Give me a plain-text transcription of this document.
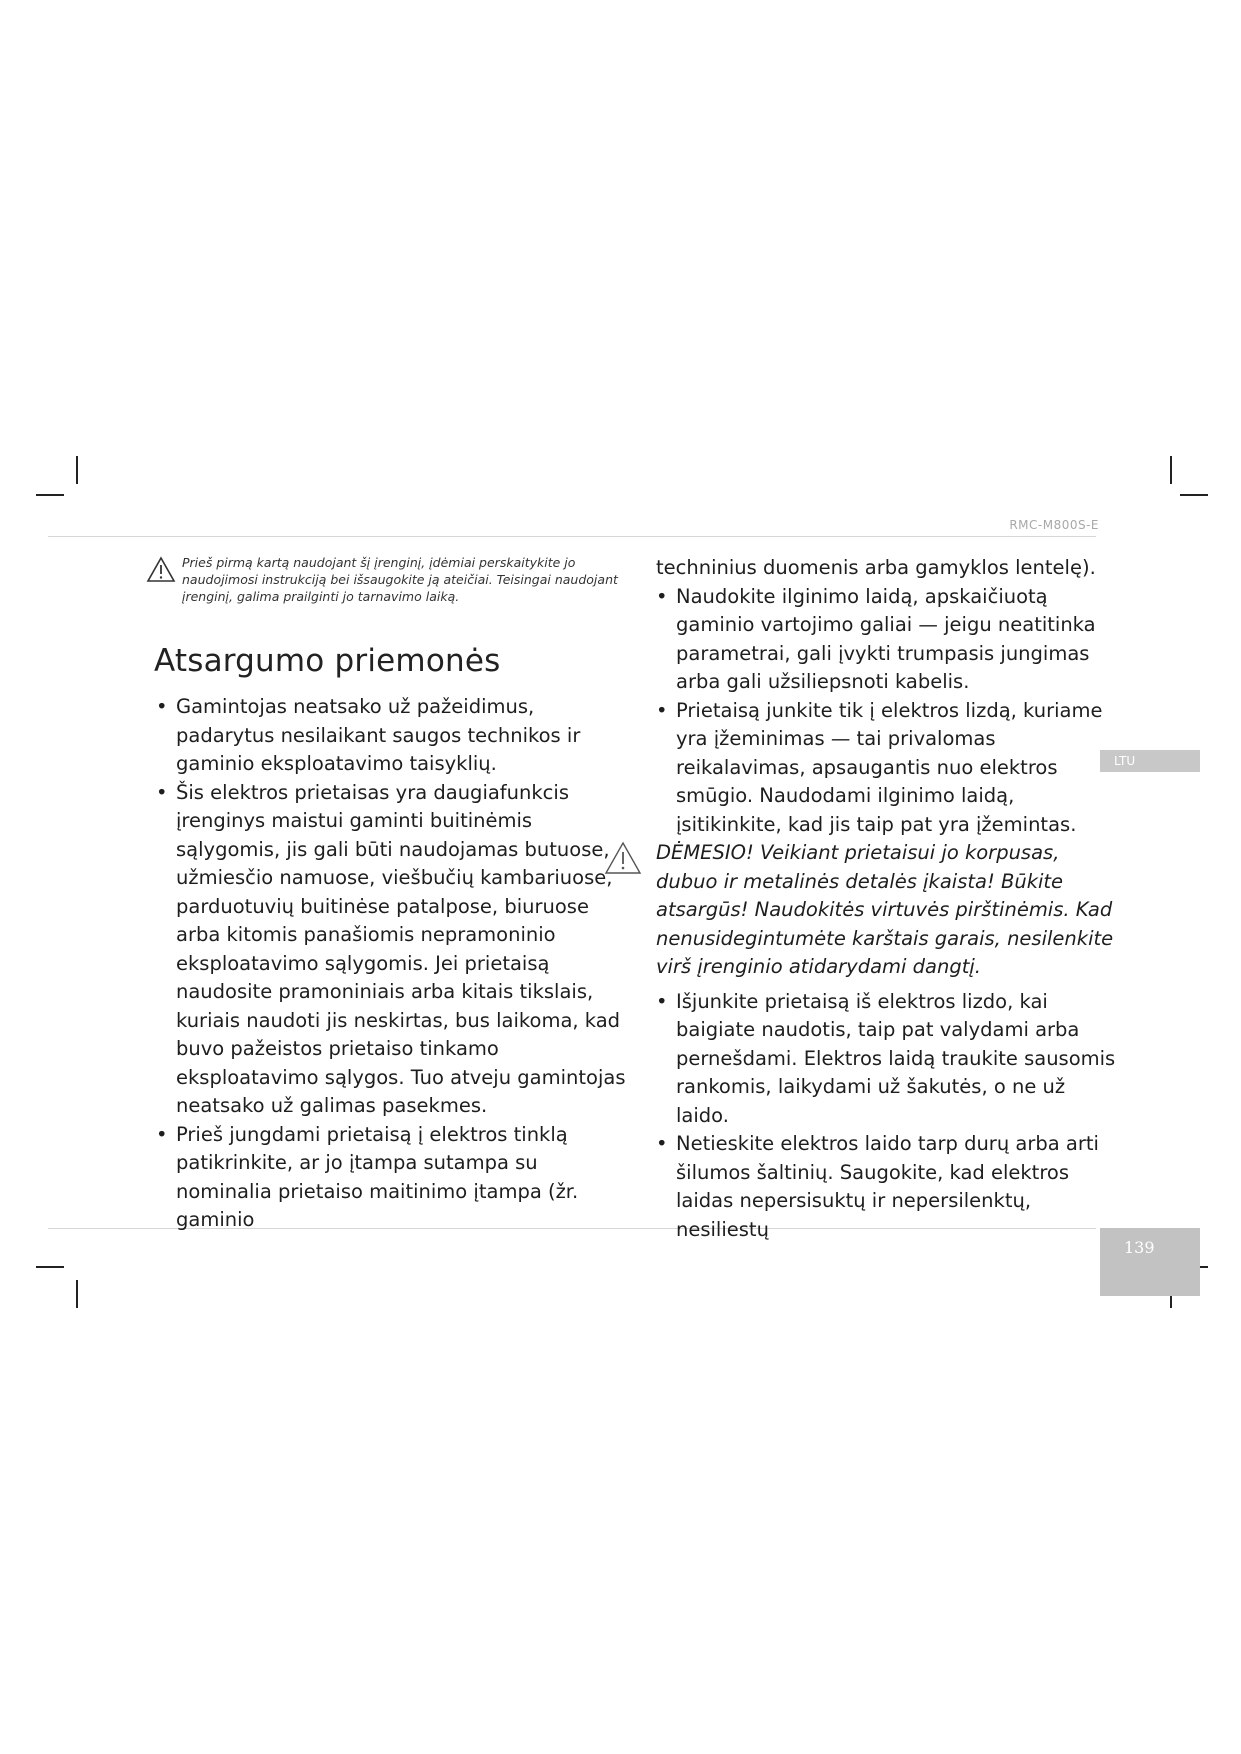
RMC-M800S-E
LTU
139
Prieš pirmą kartą naudojant šį įrenginį, įdėmiai perskaitykite jo naudojimosi instrukciją bei išsaugokite ją ateičiai. Teisingai naudojant įrenginį, galima prailginti jo tarnavimo laiką.
Atsargumo priemonės
• Gamintojas neatsako už pažeidimus, padarytus nesilaikant saugos technikos ir gaminio eksploatavimo taisyklių.
• Šis elektros prietaisas yra daugiafunkcis įrenginys maistui gaminti buitinėmis sąlygomis, jis gali būti naudojamas butuose, užmiesčio namuose, viešbučių kambariuose, parduotuvių buitinėse patalpose, biuruose arba kitomis panašiomis nepramoninio eksploatavimo sąlygomis. Jei prietaisą naudosite pramoniniais arba kitais tikslais, kuriais naudoti jis neskirtas, bus laikoma, kad buvo pažeistos prietaiso tinkamo eksploatavimo sąlygos. Tuo atveju gamintojas neatsako už galimas pasekmes.
• Prieš jungdami prietaisą į elektros tinklą patikrinkite, ar jo įtampa sutampa su nominalia prietaiso maitinimo įtampa (žr. gaminio
techninius duomenis arba gamyklos lentelę).
• Naudokite ilginimo laidą, apskaičiuotą gaminio vartojimo galiai — jeigu neatitinka parametrai, gali įvykti trumpasis jungimas arba gali užsiliepsnoti kabelis.
• Prietaisą junkite tik į elektros lizdą, kuriame yra įžeminimas — tai privalomas reikalavimas, apsaugantis nuo elektros smūgio. Naudodami ilginimo laidą, įsitikinkite, kad jis taip pat yra įžemintas.
DĖMESIO! Veikiant prietaisui jo korpusas, dubuo ir metalinės detalės įkaista! Būkite atsargūs! Naudokitės virtuvės pirštinėmis. Kad nenusidegintumėte karštais garais, nesilenkite virš įrenginio atidarydami dangtį.
• Išjunkite prietaisą iš elektros lizdo, kai baigiate naudotis, taip pat valydami arba pernešdami. Elektros laidą traukite sausomis rankomis, laikydami už šakutės, o ne už laido.
• Netieskite elektros laido tarp durų arba arti šilumos šaltinių. Saugokite, kad elektros laidas nepersisuktų ir nepersilenktų, nesiliestų
